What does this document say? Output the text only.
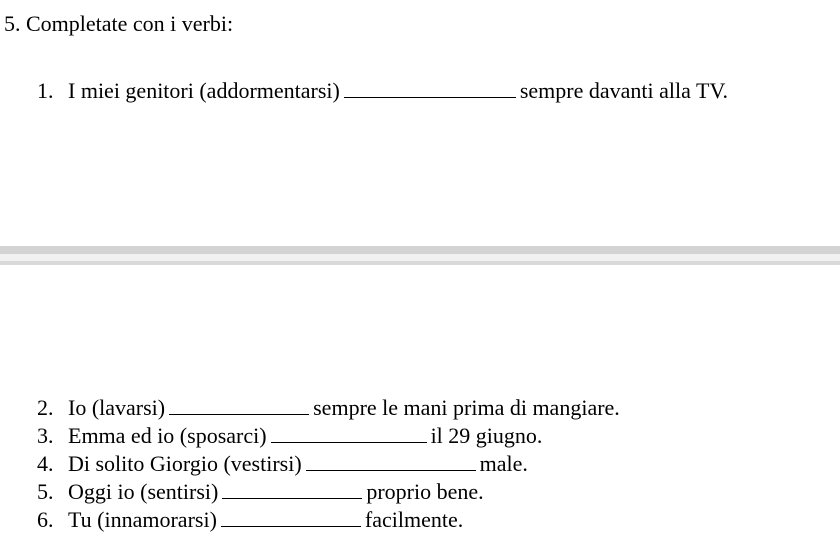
5. Completate con i verbi:
1. I miei genitori (addormentarsi)	sempre davanti alla TV.
2. Io (lavarsi)	sempre le mani prima di mangiare.
3. Emma ed io (sposarci)	il 29 giugno.
4. Di solito Giorgio (vestirsi)	male.
5. Oggi io (sentirsi)	proprio bene.
6. Tu (innamorarsi)	facilmente.
